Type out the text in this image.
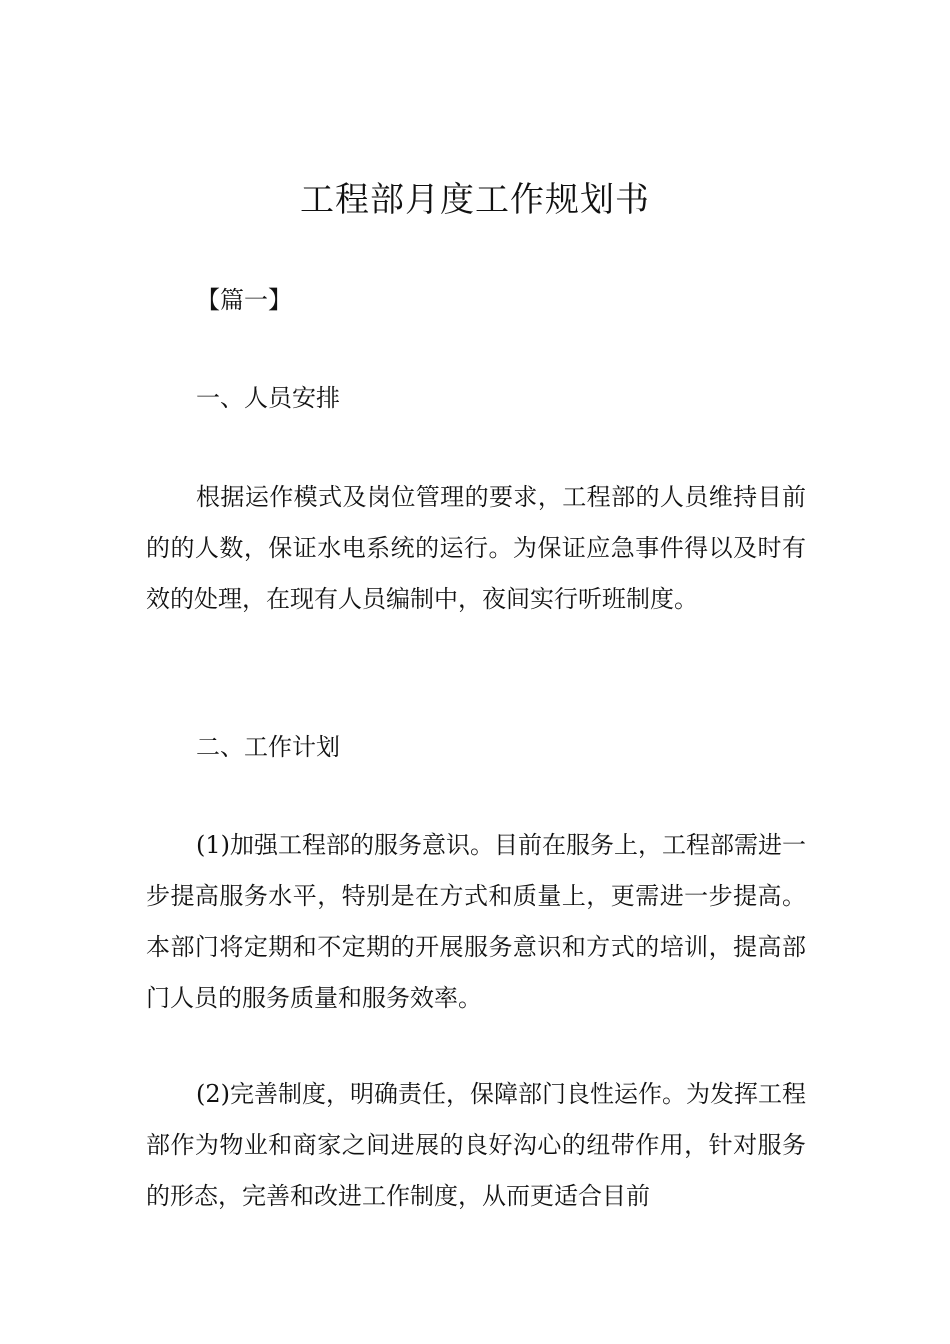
工程部月度工作规划书
【篇一】
一、人员安排

根据运作模式及岗位管理的要求，工程部的人员维持目前的的人数，保证水电系统的运行。为保证应急事件得以及时有效的处理，在现有人员编制中，夜间实行听班制度。

二、工作计划

(1)加强工程部的服务意识。目前在服务上，工程部需进一步提高服务水平，特别是在方式和质量上，更需进一步提高。本部门将定期和不定期的开展服务意识和方式的培训，提高部门人员的服务质量和服务效率。

(2)完善制度，明确责任，保障部门良性运作。为发挥工程部作为物业和商家之间进展的良好沟心的纽带作用，针对服务的形态，完善和改进工作制度，从而更适合目前
